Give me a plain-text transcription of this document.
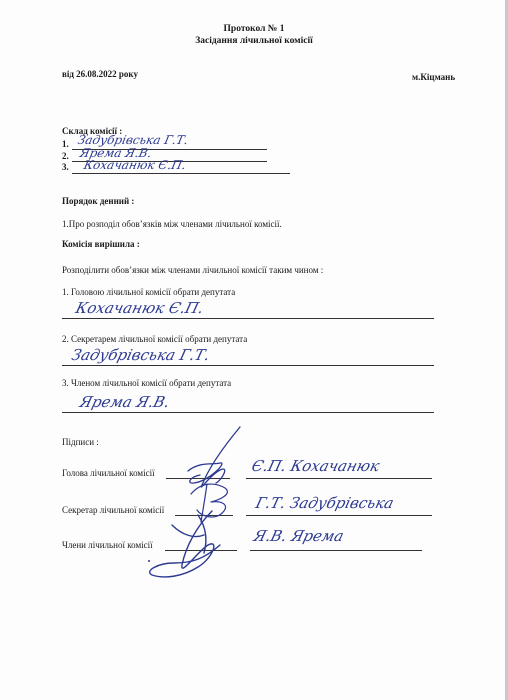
Протокол № 1
Засідання лічильної комісії
від 26.08.2022 року	м.Кіцмань
Склад комісії :
1. Задубрівська Г.Т.
2. Ярема Я.В.
3. Кохачанюк Є.П.
Порядок денний :
1.Про розподіл обов’язків між членами лічильної комісії.
Комісія вирішила :
Розподілити обов’язки між членами лічильної комісії таким чином :
1. Головою лічильної комісії обрати депутата
Кохачанюк Є.П.
2. Секретарем лічильної комісії обрати депутата
Задубрівська Г.Т.
3. Членом лічильної комісії обрати депутата
Ярема Я.В.
Підписи :
Голова лічильної комісії	Є.П. Кохачанюк
Секретар лічильної комісії	Г.Т. Задубрівська
Члени лічильної комісії	Я.В. Ярема
